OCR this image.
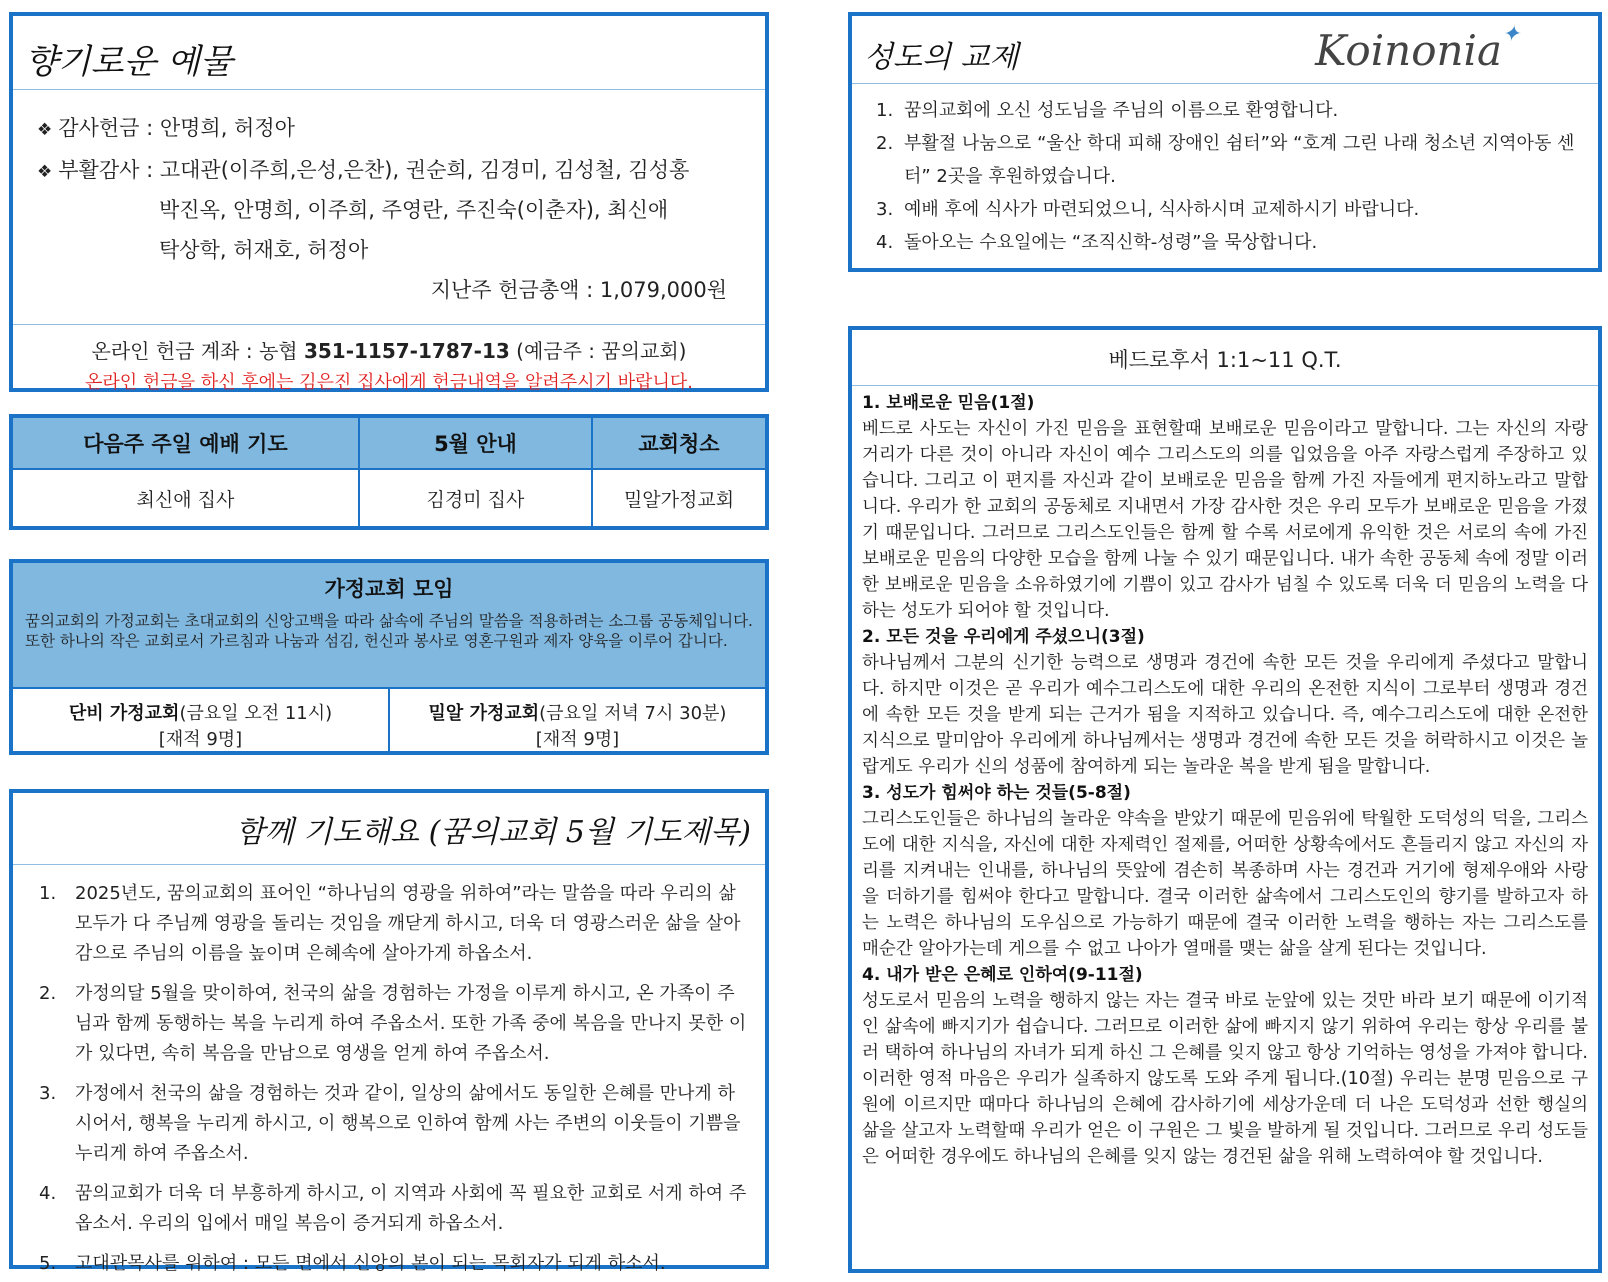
향기로운 예물
❖ 감사헌금 : 안명희, 허정아
❖ 부활감사 : 고대관(이주희,은성,은찬), 권순희, 김경미, 김성철, 김성홍
박진옥, 안명희, 이주희, 주영란, 주진숙(이춘자), 최신애
탁상학, 허재호, 허정아
지난주 헌금총액 : 1,079,000원
온라인 헌금 계좌 : 농협 351-1157-1787-13 (예금주 : 꿈의교회)
온라인 헌금을 하신 후에는 김은진 집사에게 헌금내역을 알려주시기 바랍니다.
다음주 주일 예배 기도	5월 안내	교회청소
최신애 집사	김경미 집사	밀알가정교회
가정교회 모임
꿈의교회의 가정교회는 초대교회의 신앙고백을 따라 삶속에 주님의 말씀을 적용하려는 소그룹 공동체입니다. 또한 하나의 작은 교회로서 가르침과 나눔과 섬김, 헌신과 봉사로 영혼구원과 제자 양육을 이루어 갑니다.
단비 가정교회(금요일 오전 11시)
[재적 9명]
밀알 가정교회(금요일 저녁 7시 30분)
[재적 9명]
함께 기도해요 (꿈의교회 5월 기도제목)
1.	2025년도, 꿈의교회의 표어인 “하나님의 영광을 위하여”라는 말씀을 따라 우리의 삶 모두가 다 주님께 영광을 돌리는 것임을 깨닫게 하시고, 더욱 더 영광스러운 삶을 살아감으로 주님의 이름을 높이며 은혜속에 살아가게 하옵소서.
2.	가정의달 5월을 맞이하여, 천국의 삶을 경험하는 가정을 이루게 하시고, 온 가족이 주님과 함께 동행하는 복을 누리게 하여 주옵소서. 또한 가족 중에 복음을 만나지 못한 이가 있다면, 속히 복음을 만남으로 영생을 얻게 하여 주옵소서.
3.	가정에서 천국의 삶을 경험하는 것과 같이, 일상의 삶에서도 동일한 은혜를 만나게 하시어서, 행복을 누리게 하시고, 이 행복으로 인하여 함께 사는 주변의 이웃들이 기쁨을 누리게 하여 주옵소서.
4.	꿈의교회가 더욱 더 부흥하게 하시고, 이 지역과 사회에 꼭 필요한 교회로 서게 하여 주옵소서. 우리의 입에서 매일 복음이 증거되게 하옵소서.
5.	고대관목사를 위하여 : 모든 면에서 신앙의 본이 되는 목회자가 되게 하소서.
성도의 교제	Koinonia ✦
1. 꿈의교회에 오신 성도님을 주님의 이름으로 환영합니다.
2. 부활절 나눔으로 “울산 학대 피해 장애인 쉼터”와 “호계 그린 나래 청소년 지역아동 센터” 2곳을 후원하였습니다.
3. 예배 후에 식사가 마련되었으니, 식사하시며 교제하시기 바랍니다.
4. 돌아오는 수요일에는 “조직신학-성령”을 묵상합니다.
베드로후서 1:1~11 Q.T.
1. 보배로운 믿음(1절)
베드로 사도는 자신이 가진 믿음을 표현할때 보배로운 믿음이라고 말합니다. 그는 자신의 자랑거리가 다른 것이 아니라 자신이 예수 그리스도의 의를 입었음을 아주 자랑스럽게 주장하고 있습니다. 그리고 이 편지를 자신과 같이 보배로운 믿음을 함께 가진 자들에게 편지하노라고 말합니다. 우리가 한 교회의 공동체로 지내면서 가장 감사한 것은 우리 모두가 보배로운 믿음을 가졌기 때문입니다. 그러므로 그리스도인들은 함께 할 수록 서로에게 유익한 것은 서로의 속에 가진 보배로운 믿음의 다양한 모습을 함께 나눌 수 있기 때문입니다. 내가 속한 공동체 속에 정말 이러한 보배로운 믿음을 소유하였기에 기쁨이 있고 감사가 넘칠 수 있도록 더욱 더 믿음의 노력을 다하는 성도가 되어야 할 것입니다.
2. 모든 것을 우리에게 주셨으니(3절)
하나님께서 그분의 신기한 능력으로 생명과 경건에 속한 모든 것을 우리에게 주셨다고 말합니다. 하지만 이것은 곧 우리가 예수그리스도에 대한 우리의 온전한 지식이 그로부터 생명과 경건에 속한 모든 것을 받게 되는 근거가 됨을 지적하고 있습니다. 즉, 예수그리스도에 대한 온전한 지식으로 말미암아 우리에게 하나님께서는 생명과 경건에 속한 모든 것을 허락하시고 이것은 놀랍게도 우리가 신의 성품에 참여하게 되는 놀라운 복을 받게 됨을 말합니다.
3. 성도가 힘써야 하는 것들(5-8절)
그리스도인들은 하나님의 놀라운 약속을 받았기 때문에 믿음위에 탁월한 도덕성의 덕을, 그리스도에 대한 지식을, 자신에 대한 자제력인 절제를, 어떠한 상황속에서도 흔들리지 않고 자신의 자리를 지켜내는 인내를, 하나님의 뜻앞에 겸손히 복종하며 사는 경건과 거기에 형제우애와 사랑을 더하기를 힘써야 한다고 말합니다. 결국 이러한 삶속에서 그리스도인의 향기를 발하고자 하는 노력은 하나님의 도우심으로 가능하기 때문에 결국 이러한 노력을 행하는 자는 그리스도를 매순간 알아가는데 게으를 수 없고 나아가 열매를 맺는 삶을 살게 된다는 것입니다.
4. 내가 받은 은혜로 인하여(9-11절)
성도로서 믿음의 노력을 행하지 않는 자는 결국 바로 눈앞에 있는 것만 바라 보기 때문에 이기적인 삶속에 빠지기가 쉽습니다. 그러므로 이러한 삶에 빠지지 않기 위하여 우리는 항상 우리를 불러 택하여 하나님의 자녀가 되게 하신 그 은혜를 잊지 않고 항상 기억하는 영성을 가져야 합니다. 이러한 영적 마음은 우리가 실족하지 않도록 도와 주게 됩니다.(10절) 우리는 분명 믿음으로 구원에 이르지만 때마다 하나님의 은혜에 감사하기에 세상가운데 더 나은 도덕성과 선한 행실의 삶을 살고자 노력할때 우리가 얻은 이 구원은 그 빛을 발하게 될 것입니다. 그러므로 우리 성도들은 어떠한 경우에도 하나님의 은혜를 잊지 않는 경건된 삶을 위해 노력하여야 할 것입니다.
